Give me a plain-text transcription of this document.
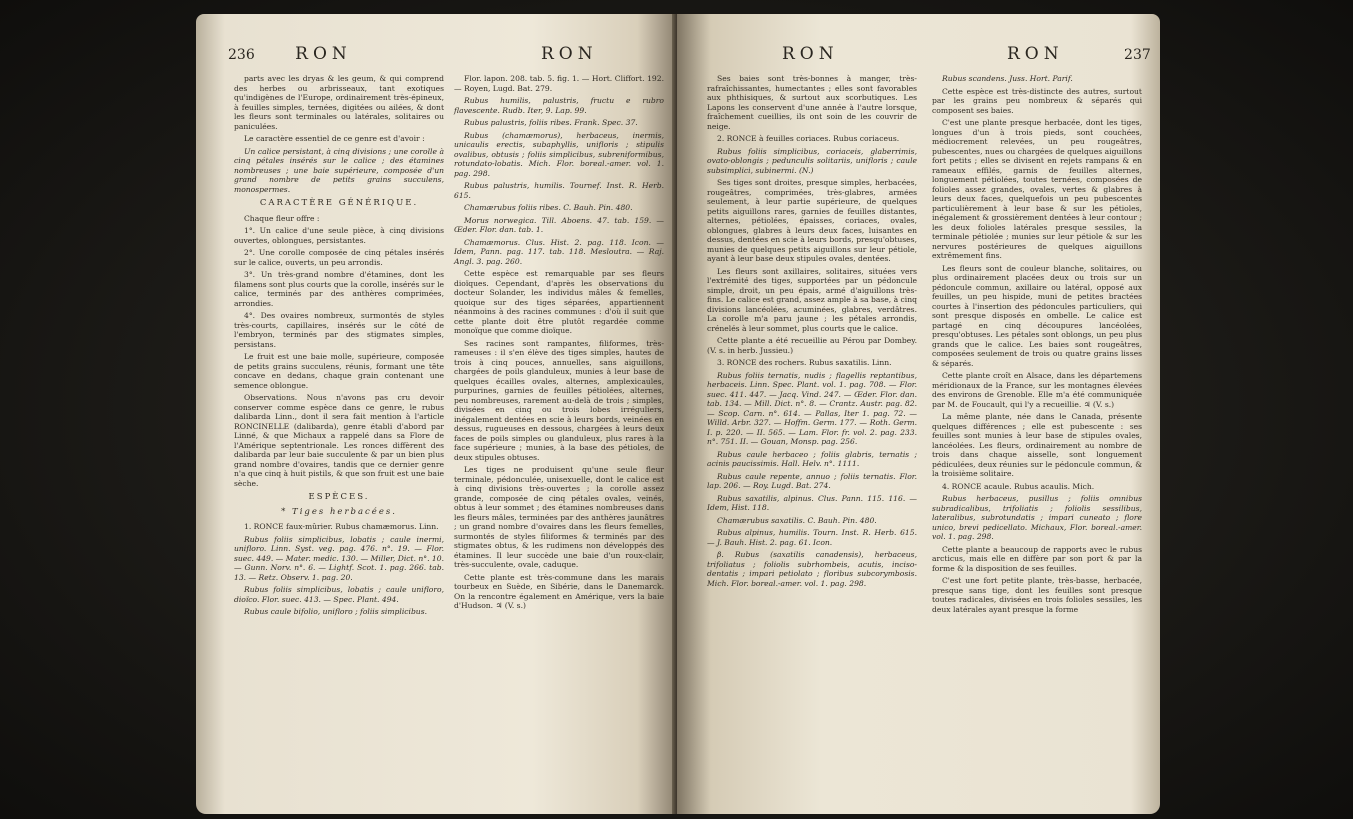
236 RON	RON

parts avec les dryas & les geum, & qui comprend des herbes ou arbrisseaux, tant exotiques qu'indigènes de l'Europe, ordinairement très-épineux, à feuilles simples, ternées, digitées ou ailées, & dont les fleurs sont terminales ou latérales, solitaires ou paniculées.

Le caractère essentiel de ce genre est d'avoir :

Un calice persistant, à cinq divisions ; une corolle à cinq pétales insérés sur le calice ; des étamines nombreuses ; une baie supérieure, composée d'un grand nombre de petits grains succulens, monospermes.

CARACTÈRE GÉNÉRIQUE.

Chaque fleur offre :

1°. Un calice d'une seule pièce, à cinq divisions ouvertes, oblongues, persistantes.

2°. Une corolle composée de cinq pétales insérés sur le calice, ouverts, un peu arrondis.

3°. Un très-grand nombre d'étamines, dont les filamens sont plus courts que la corolle, insérés sur le calice, terminés par des anthères comprimées, arrondies.

4°. Des ovaires nombreux, surmontés de styles très-courts, capillaires, insérés sur le côté de l'embryon, terminés par des stigmates simples, persistans.

Le fruit est une baie molle, supérieure, composée de petits grains succulens, réunis, formant une tête concave en dedans, chaque grain contenant une semence oblongue.

Observations. Nous n'avons pas cru devoir conserver comme espèce dans ce genre, le rubus dalibarda Linn., dont il sera fait mention à l'article RONCINELLE (dalibarda), genre établi d'abord par Linné, & que Michaux a rappelé dans sa Flore de l'Amérique septentrionale. Les ronces diffèrent des dalibarda par leur baie succulente & par un bien plus grand nombre d'ovaires, tandis que ce dernier genre n'a que cinq à huit pistils, & que son fruit est une baie sèche.

ESPÈCES.

* Tiges herbacées.

1. RONCE faux-mûrier. Rubus chamæmorus. Linn.

Rubus foliis simplicibus, lobatis ; caule inermi, unifloro. Linn. Syst. veg. pag. 476. n°. 19. — Flor. suec. 449. — Mater. medic. 130. — Miller, Dict. n°. 10. — Gunn. Norv. n°. 6. — Lightf. Scot. 1. pag. 266. tab. 13. — Retz. Observ. 1. pag. 20.

Rubus foliis simplicibus, lobatis ; caule unifloro, dioïco. Flor. suec. 413. — Spec. Plant. 494.

Rubus caule bifolio, unifloro ; foliis simplicibus.

Flor. lapon. 208. tab. 5. fig. 1. — Hort. Cliffort. 192. — Royen, Lugd. Bat. 279.

Rubus humilis, palustris, fructu e rubro flavescente. Rudb. Iter, 9. Lap. 99.

Rubus palustris, foliis ribes. Frank. Spec. 37.

Rubus (chamæmorus), herbaceus, inermis, unicaulis erectis, subaphyllis, unifloris ; stipulis ovalibus, obtusis ; foliis simplicibus, subreniformibus, rotundato-lobatis. Mich. Flor. boreal.-amer. vol. 1. pag. 298.

Rubus palustris, humilis. Tournef. Inst. R. Herb. 615.

Chamærubus foliis ribes. C. Bauh. Pin. 480.

Morus norwegica. Till. Aboens. 47. tab. 159. — Œder. Flor. dan. tab. 1.

Chamæmorus. Clus. Hist. 2. pag. 118. Icon. — Idem, Pann. pag. 117. tab. 118. Mesloutra. — Raj. Angl. 3. pag. 260.

Cette espèce est remarquable par ses fleurs dioïques. Cependant, d'après les observations du docteur Solander, les individus mâles & femelles, quoique sur des tiges séparées, appartiennent néanmoins à des racines communes : d'où il suit que cette plante doit être plutôt regardée comme monoïque que comme dioïque.

Ses racines sont rampantes, filiformes, très-rameuses : il s'en élève des tiges simples, hautes de trois à cinq pouces, annuelles, sans aiguillons, chargées de poils glanduleux, munies à leur base de quelques écailles ovales, alternes, amplexicaules, purpurines, garnies de feuilles pétiolées, alternes, peu nombreuses, rarement au-delà de trois ; simples, divisées en cinq ou trois lobes irréguliers, inégalement dentées en scie à leurs bords, veinées en dessus, rugueuses en dessous, chargées à leurs deux faces de poils simples ou glanduleux, plus rares à la face supérieure ; munies, à la base des pétioles, de deux stipules obtuses.

Les tiges ne produisent qu'une seule fleur terminale, pédonculée, unisexuelle, dont le calice est à cinq divisions très-ouvertes ; la corolle assez grande, composée de cinq pétales ovales, veinés, obtus à leur sommet ; des étamines nombreuses dans les fleurs mâles, terminées par des anthères jaunâtres ; un grand nombre d'ovaires dans les fleurs femelles, surmontés de styles filiformes & terminés par des stigmates obtus, & les rudimens non développés des étamines. Il leur succède une baie d'un roux-clair, très-succulente, ovale, caduque.

Cette plante est très-commune dans les marais tourbeux en Suède, en Sibérie, dans le Danemarck. On la rencontre également en Amérique, vers la baie d'Hudson. ♃ (V. s.)

RON	RON	237

Ses baies sont très-bonnes à manger, très-rafraîchissantes, humectantes ; elles sont favorables aux phthisiques, & surtout aux scorbutiques. Les Lapons les conservent d'une année à l'autre lorsque, fraîchement cueillies, ils ont soin de les couvrir de neige.

2. RONCE à feuilles coriaces. Rubus coriaceus.

Rubus foliis simplicibus, coriaceis, glaberrimis, ovato-oblongis ; pedunculis solitariis, unifloris ; caule subsimplici, subinermi. (N.)

Ses tiges sont droites, presque simples, herbacées, rougeâtres, comprimées, très-glabres, armées seulement, à leur partie supérieure, de quelques petits aiguillons rares, garnies de feuilles distantes, alternes, pétiolées, épaisses, coriaces, ovales, oblongues, glabres à leurs deux faces, luisantes en dessus, dentées en scie à leurs bords, presqu'obtuses, munies de quelques petits aiguillons sur leur pétiole, ayant à leur base deux stipules ovales, dentées.

Les fleurs sont axillaires, solitaires, situées vers l'extrémité des tiges, supportées par un pédoncule simple, droit, un peu épais, armé d'aiguillons très-fins. Le calice est grand, assez ample à sa base, à cinq divisions lancéolées, acuminées, glabres, verdâtres. La corolle m'a paru jaune ; les pétales arrondis, crénelés à leur sommet, plus courts que le calice.

Cette plante a été recueillie au Pérou par Dombey. (V. s. in herb. Jussieu.)

3. RONCE des rochers. Rubus saxatilis. Linn.

Rubus foliis ternatis, nudis ; flagellis reptantibus, herbaceis. Linn. Spec. Plant. vol. 1. pag. 708. — Flor. suec. 411. 447. — Jacq. Vind. 247. — Œder. Flor. dan. tab. 134. — Mill. Dict. n°. 8. — Crantz. Austr. pag. 82. — Scop. Carn. n°. 614. — Pallas, Iter 1. pag. 72. — Willd. Arbr. 327. — Hoffm. Germ. 177. — Roth. Germ. I. p. 220. — II. 565. — Lam. Flor. fr. vol. 2. pag. 233. n°. 751. II. — Gouan, Monsp. pag. 256.

Rubus caule herbaceo ; foliis glabris, ternatis ; acinis paucissimis. Hall. Helv. n°. 1111.

Rubus caule repente, annuo ; foliis ternatis. Flor. lap. 206. — Roy. Lugd. Bat. 274.

Rubus saxatilis, alpinus. Clus. Pann. 115. 116. — Idem, Hist. 118.

Chamærubus saxatilis. C. Bauh. Pin. 480.

Rubus alpinus, humilis. Tourn. Inst. R. Herb. 615. — J. Bauh. Hist. 2. pag. 61. Icon.

β. Rubus (saxatilis canadensis), herbaceus, trifoliatus ; foliolis subrhombeis, acutis, inciso-dentatis ; impari petiolato ; floribus subcorymbosis. Mich. Flor. boreal.-amer. vol. 1. pag. 298.

Rubus scandens. Juss. Hort. Parif.

Cette espèce est très-distincte des autres, surtout par les grains peu nombreux & séparés qui composent ses baies.

C'est une plante presque herbacée, dont les tiges, longues d'un à trois pieds, sont couchées, médiocrement relevées, un peu rougeâtres, pubescentes, nues ou chargées de quelques aiguillons fort petits ; elles se divisent en rejets rampans & en rameaux effilés, garnis de feuilles alternes, longuement pétiolées, toutes ternées, composées de folioles assez grandes, ovales, vertes & glabres à leurs deux faces, quelquefois un peu pubescentes particulièrement à leur base & sur les pétioles, inégalement & grossièrement dentées à leur contour ; les deux folioles latérales presque sessiles, la terminale pétiolée ; munies sur leur pétiole & sur les nervures postérieures de quelques aiguillons extrêmement fins.

Les fleurs sont de couleur blanche, solitaires, ou plus ordinairement placées deux ou trois sur un pédoncule commun, axillaire ou latéral, opposé aux feuilles, un peu hispide, muni de petites bractées courtes à l'insertion des pédoncules particuliers, qui sont presque disposés en ombelle. Le calice est partagé en cinq découpures lancéolées, presqu'obtuses. Les pétales sont oblongs, un peu plus grands que le calice. Les baies sont rougeâtres, composées seulement de trois ou quatre grains lisses & séparés.

Cette plante croît en Alsace, dans les départemens méridionaux de la France, sur les montagnes élevées des environs de Grenoble. Elle m'a été communiquée par M. de Foucault, qui l'y a recueillie. ♃ (V. s.)

La même plante, née dans le Canada, présente quelques différences ; elle est pubescente : ses feuilles sont munies à leur base de stipules ovales, lancéolées. Les fleurs, ordinairement au nombre de trois dans chaque aisselle, sont longuement pédiculées, deux réunies sur le pédoncule commun, & la troisième solitaire.

4. RONCE acaule. Rubus acaulis. Mich.

Rubus herbaceus, pusillus ; foliis omnibus subradicalibus, trifoliatis ; foliolis sessilibus, lateralibus, subrotundatis ; impari cuneato ; flore unico, brevi pedicellato. Michaux, Flor. boreal.-amer. vol. 1. pag. 298.

Cette plante a beaucoup de rapports avec le rubus arcticus, mais elle en diffère par son port & par la forme & la disposition de ses feuilles.

C'est une fort petite plante, très-basse, herbacée, presque sans tige, dont les feuilles sont presque toutes radicales, divisées en trois folioles sessiles, les deux latérales ayant presque la forme
